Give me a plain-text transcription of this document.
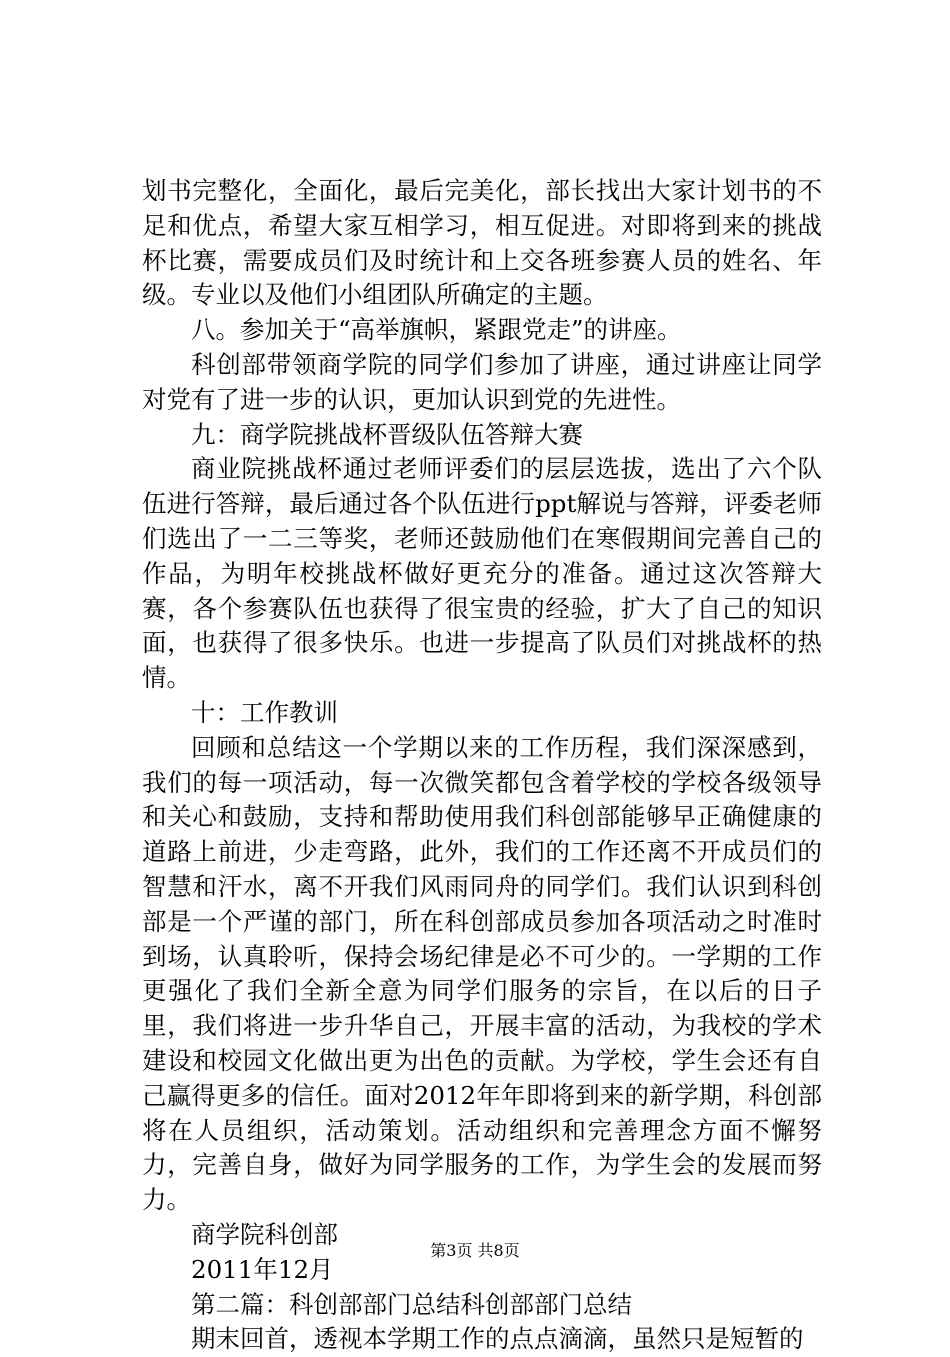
划书完整化，全面化，最后完美化，部长找出大家计划书的不足和优点，希望大家互相学习，相互促进。对即将到来的挑战杯比赛，需要成员们及时统计和上交各班参赛人员的姓名、年级。专业以及他们小组团队所确定的主题。

八。参加关于“高举旗帜，紧跟党走”的讲座。

科创部带领商学院的同学们参加了讲座，通过讲座让同学对党有了进一步的认识，更加认识到党的先进性。

九：商学院挑战杯晋级队伍答辩大赛

商业院挑战杯通过老师评委们的层层选拔，选出了六个队伍进行答辩，最后通过各个队伍进行ppt解说与答辩，评委老师们选出了一二三等奖，老师还鼓励他们在寒假期间完善自己的作品，为明年校挑战杯做好更充分的准备。通过这次答辩大赛，各个参赛队伍也获得了很宝贵的经验，扩大了自己的知识面，也获得了很多快乐。也进一步提高了队员们对挑战杯的热情。

十：工作教训

回顾和总结这一个学期以来的工作历程，我们深深感到，我们的每一项活动，每一次微笑都包含着学校的学校各级领导和关心和鼓励，支持和帮助使用我们科创部能够早正确健康的道路上前进，少走弯路，此外，我们的工作还离不开成员们的智慧和汗水，离不开我们风雨同舟的同学们。我们认识到科创部是一个严谨的部门，所在科创部成员参加各项活动之时准时到场，认真聆听，保持会场纪律是必不可少的。一学期的工作更强化了我们全新全意为同学们服务的宗旨，在以后的日子里，我们将进一步升华自己，开展丰富的活动，为我校的学术建设和校园文化做出更为出色的贡献。为学校，学生会还有自己赢得更多的信任。面对2012年年即将到来的新学期，科创部将在人员组织，活动策划。活动组织和完善理念方面不懈努力，完善自身，做好为同学服务的工作，为学生会的发展而努力。

商学院科创部

2011年12月

第二篇：科创部部门总结科创部部门总结

期末回首，透视本学期工作的点点滴滴，虽然只是短暂的

第3页 共8页
